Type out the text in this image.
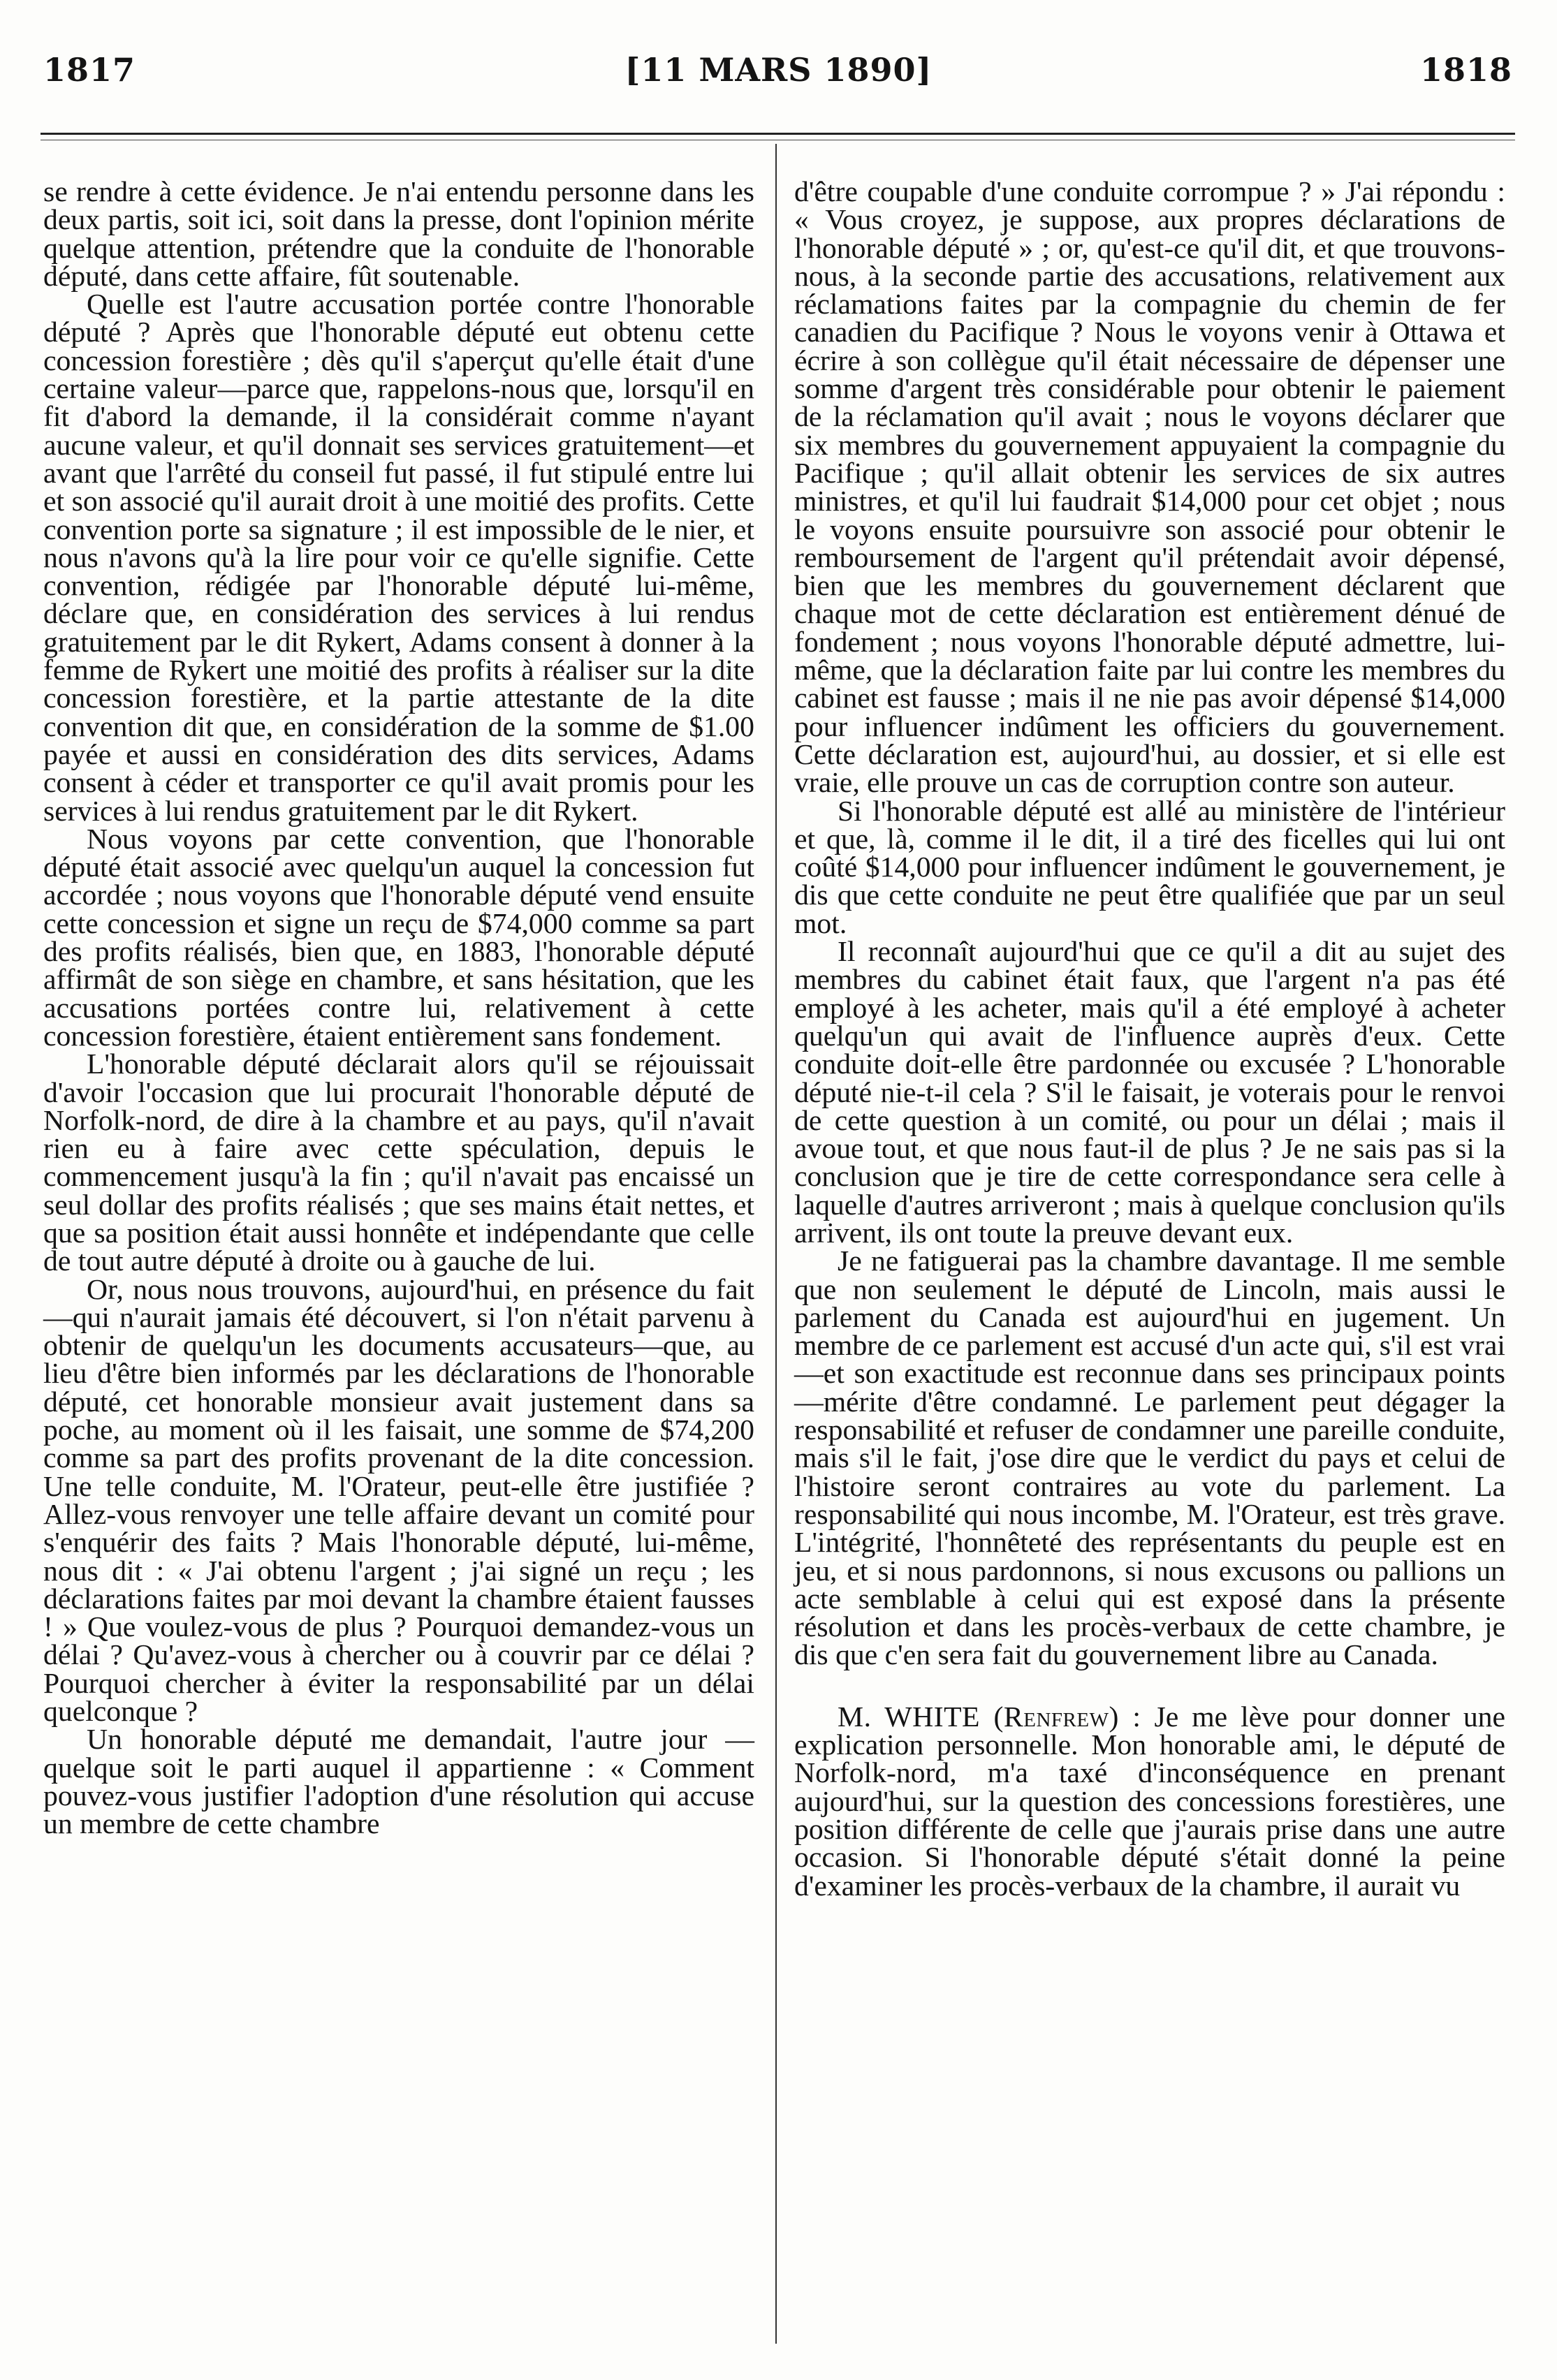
1817	[11 MARS 1890]	1818

se rendre à cette évidence. Je n'ai entendu personne dans les deux partis, soit ici, soit dans la presse, dont l'opinion mérite quelque attention, prétendre que la conduite de l'honorable député, dans cette affaire, fût soutenable.

Quelle est l'autre accusation portée contre l'honorable député ? Après que l'honorable député eut obtenu cette concession forestière ; dès qu'il s'aperçut qu'elle était d'une certaine valeur—parce que, rappelons-nous que, lorsqu'il en fit d'abord la demande, il la considérait comme n'ayant aucune valeur, et qu'il donnait ses services gratuitement—et avant que l'arrêté du conseil fut passé, il fut stipulé entre lui et son associé qu'il aurait droit à une moitié des profits. Cette convention porte sa signature ; il est impossible de le nier, et nous n'avons qu'à la lire pour voir ce qu'elle signifie. Cette convention, rédigée par l'honorable député lui-même, déclare que, en considération des services à lui rendus gratuitement par le dit Rykert, Adams consent à donner à la femme de Rykert une moitié des profits à réaliser sur la dite concession forestière, et la partie attestante de la dite convention dit que, en considération de la somme de $1.00 payée et aussi en considération des dits services, Adams consent à céder et transporter ce qu'il avait promis pour les services à lui rendus gratuitement par le dit Rykert.

Nous voyons par cette convention, que l'honorable député était associé avec quelqu'un auquel la concession fut accordée ; nous voyons que l'honorable député vend ensuite cette concession et signe un reçu de $74,000 comme sa part des profits réalisés, bien que, en 1883, l'honorable député affirmât de son siège en chambre, et sans hésitation, que les accusations portées contre lui, relativement à cette concession forestière, étaient entièrement sans fondement.

L'honorable député déclarait alors qu'il se réjouissait d'avoir l'occasion que lui procurait l'honorable député de Norfolk-nord, de dire à la chambre et au pays, qu'il n'avait rien eu à faire avec cette spéculation, depuis le commencement jusqu'à la fin ; qu'il n'avait pas encaissé un seul dollar des profits réalisés ; que ses mains était nettes, et que sa position était aussi honnête et indépendante que celle de tout autre député à droite ou à gauche de lui.

Or, nous nous trouvons, aujourd'hui, en présence du fait—qui n'aurait jamais été découvert, si l'on n'était parvenu à obtenir de quelqu'un les documents accusateurs—que, au lieu d'être bien informés par les déclarations de l'honorable député, cet honorable monsieur avait justement dans sa poche, au moment où il les faisait, une somme de $74,200 comme sa part des profits provenant de la dite concession. Une telle conduite, M. l'Orateur, peut-elle être justifiée ? Allez-vous renvoyer une telle affaire devant un comité pour s'enquérir des faits ? Mais l'honorable député, lui-même, nous dit : « J'ai obtenu l'argent ; j'ai signé un reçu ; les déclarations faites par moi devant la chambre étaient fausses ! » Que voulez-vous de plus ? Pourquoi demandez-vous un délai ? Qu'avez-vous à chercher ou à couvrir par ce délai ? Pourquoi chercher à éviter la responsabilité par un délai quelconque ?

Un honorable député me demandait, l'autre jour —quelque soit le parti auquel il appartienne : « Comment pouvez-vous justifier l'adoption d'une résolution qui accuse un membre de cette chambre

d'être coupable d'une conduite corrompue ? » J'ai répondu : « Vous croyez, je suppose, aux propres déclarations de l'honorable député » ; or, qu'est-ce qu'il dit, et que trouvons-nous, à la seconde partie des accusations, relativement aux réclamations faites par la compagnie du chemin de fer canadien du Pacifique ? Nous le voyons venir à Ottawa et écrire à son collègue qu'il était nécessaire de dépenser une somme d'argent très considérable pour obtenir le paiement de la réclamation qu'il avait ; nous le voyons déclarer que six membres du gouvernement appuyaient la compagnie du Pacifique ; qu'il allait obtenir les services de six autres ministres, et qu'il lui faudrait $14,000 pour cet objet ; nous le voyons ensuite poursuivre son associé pour obtenir le remboursement de l'argent qu'il prétendait avoir dépensé, bien que les membres du gouvernement déclarent que chaque mot de cette déclaration est entièrement dénué de fondement ; nous voyons l'honorable député admettre, lui-même, que la déclaration faite par lui contre les membres du cabinet est fausse ; mais il ne nie pas avoir dépensé $14,000 pour influencer indûment les officiers du gouvernement. Cette déclaration est, aujourd'hui, au dossier, et si elle est vraie, elle prouve un cas de corruption contre son auteur.

Si l'honorable député est allé au ministère de l'intérieur et que, là, comme il le dit, il a tiré des ficelles qui lui ont coûté $14,000 pour influencer indûment le gouvernement, je dis que cette conduite ne peut être qualifiée que par un seul mot.

Il reconnaît aujourd'hui que ce qu'il a dit au sujet des membres du cabinet était faux, que l'argent n'a pas été employé à les acheter, mais qu'il a été employé à acheter quelqu'un qui avait de l'influence auprès d'eux. Cette conduite doit-elle être pardonnée ou excusée ? L'honorable député nie-t-il cela ? S'il le faisait, je voterais pour le renvoi de cette question à un comité, ou pour un délai ; mais il avoue tout, et que nous faut-il de plus ? Je ne sais pas si la conclusion que je tire de cette correspondance sera celle à laquelle d'autres arriveront ; mais à quelque conclusion qu'ils arrivent, ils ont toute la preuve devant eux.

Je ne fatiguerai pas la chambre davantage. Il me semble que non seulement le député de Lincoln, mais aussi le parlement du Canada est aujourd'hui en jugement. Un membre de ce parlement est accusé d'un acte qui, s'il est vrai—et son exactitude est reconnue dans ses principaux points—mérite d'être condamné. Le parlement peut dégager la responsabilité et refuser de condamner une pareille conduite, mais s'il le fait, j'ose dire que le verdict du pays et celui de l'histoire seront contraires au vote du parlement. La responsabilité qui nous incombe, M. l'Orateur, est très grave. L'intégrité, l'honnêteté des représentants du peuple est en jeu, et si nous pardonnons, si nous excusons ou pallions un acte semblable à celui qui est exposé dans la présente résolution et dans les procès-verbaux de cette chambre, je dis que c'en sera fait du gouvernement libre au Canada.

M. WHITE (Renfrew) : Je me lève pour donner une explication personnelle. Mon honorable ami, le député de Norfolk-nord, m'a taxé d'inconséquence en prenant aujourd'hui, sur la question des concessions forestières, une position différente de celle que j'aurais prise dans une autre occasion. Si l'honorable député s'était donné la peine d'examiner les procès-verbaux de la chambre, il aurait vu
